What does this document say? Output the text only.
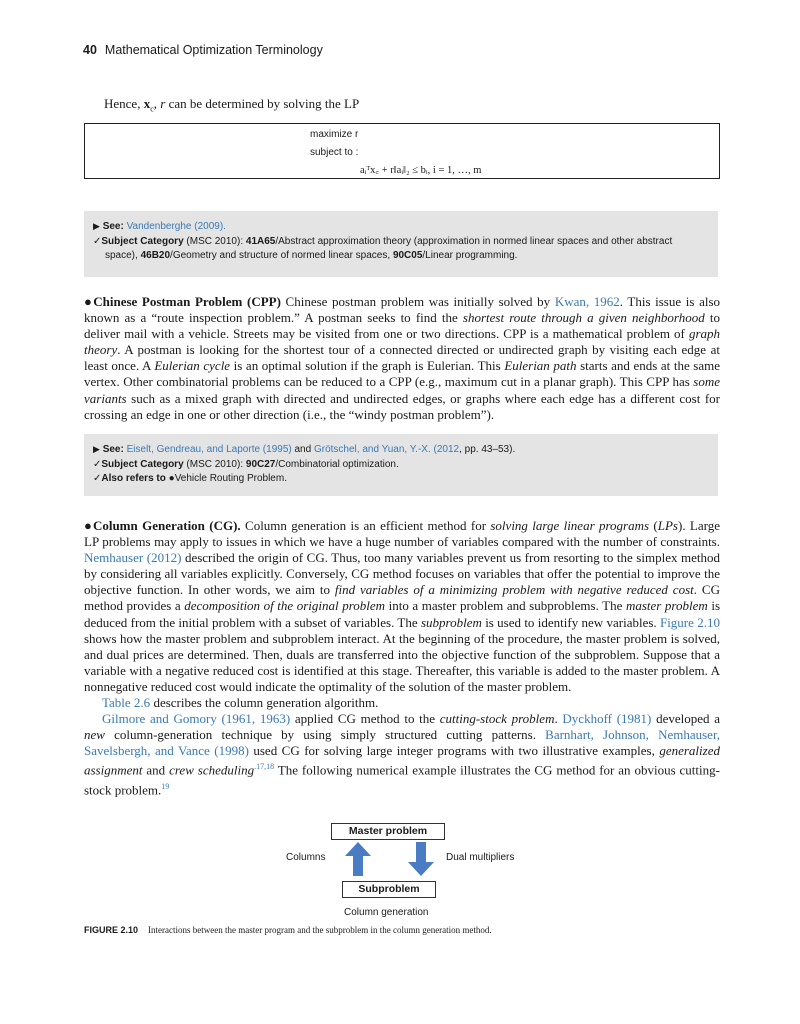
40 Mathematical Optimization Terminology
Hence, $x_c$, r can be determined by solving the LP
maximize r
subject to :
aᵢᵀx꜀ + r‖aᵢ‖₂ ≤ bᵢ, i = 1, …, m
▶ See: Vandenberghe (2009).
✓Subject Category (MSC 2010): 41A65/Abstract approximation theory (approximation in normed linear spaces and other abstract
space), 46B20/Geometry and structure of normed linear spaces, 90C05/Linear programming.

●Chinese Postman Problem (CPP) Chinese postman problem was initially solved by Kwan, 1962. This issue is also known as a “route inspection problem.” A postman seeks to find the shortest route through a given neighborhood to deliver mail with a vehicle. Streets may be visited from one or two directions. CPP is a mathematical problem of graph theory. A postman is looking for the shortest tour of a connected directed or undirected graph by visiting each edge at least once. A Eulerian cycle is an optimal solution if the graph is Eulerian. This Eulerian path starts and ends at the same vertex. Other combinatorial problems can be reduced to a CPP (e.g., maximum cut in a planar graph). This CPP has some variants such as a mixed graph with directed and undirected edges, or graphs where each edge has a different cost for crossing an edge in one or other direction (i.e., the “windy postman problem”).

▶ See: Eiselt, Gendreau, and Laporte (1995) and Grötschel, and Yuan, Y.-X. (2012, pp. 43–53).
✓Subject Category (MSC 2010): 90C27/Combinatorial optimization.
✓Also refers to ●Vehicle Routing Problem.

●Column Generation (CG). Column generation is an efficient method for solving large linear programs (LPs). Large LP problems may apply to issues in which we have a huge number of variables compared with the number of constraints. Nemhauser (2012) described the origin of CG. Thus, too many variables prevent us from resorting to the simplex method by considering all variables explicitly. Conversely, CG method focuses on variables that offer the potential to improve the objective function. In other words, we aim to find variables of a minimizing problem with negative reduced cost. CG method provides a decomposition of the original problem into a master problem and subproblems. The master problem is deduced from the initial problem with a subset of variables. The subproblem is used to identify new variables. Figure 2.10 shows how the master problem and subproblem interact. At the beginning of the procedure, the master problem is solved, and dual prices are determined. Then, duals are transferred into the objective function of the subproblem. Suppose that a variable with a negative reduced cost is identified at this stage. Thereafter, this variable is added to the master problem. A nonnegative reduced cost would indicate the optimality of the solution of the master problem.

Table 2.6 describes the column generation algorithm.

Gilmore and Gomory (1961, 1963) applied CG method to the cutting-stock problem. Dyckhoff (1981) developed a new column-generation technique by using simply structured cutting patterns. Barnhart, Johnson, Nemhauser, Savelsbergh, and Vance (1998) used CG for solving large integer programs with two illustrative examples, generalized assignment and crew scheduling$^{.17,18}$ The following numerical example illustrates the CG method for an obvious cutting-stock problem.$^{19}$

Master problem
Columns	Dual multipliers
Subproblem
Column generation
FIGURE 2.10 Interactions between the master program and the subproblem in the column generation method.
